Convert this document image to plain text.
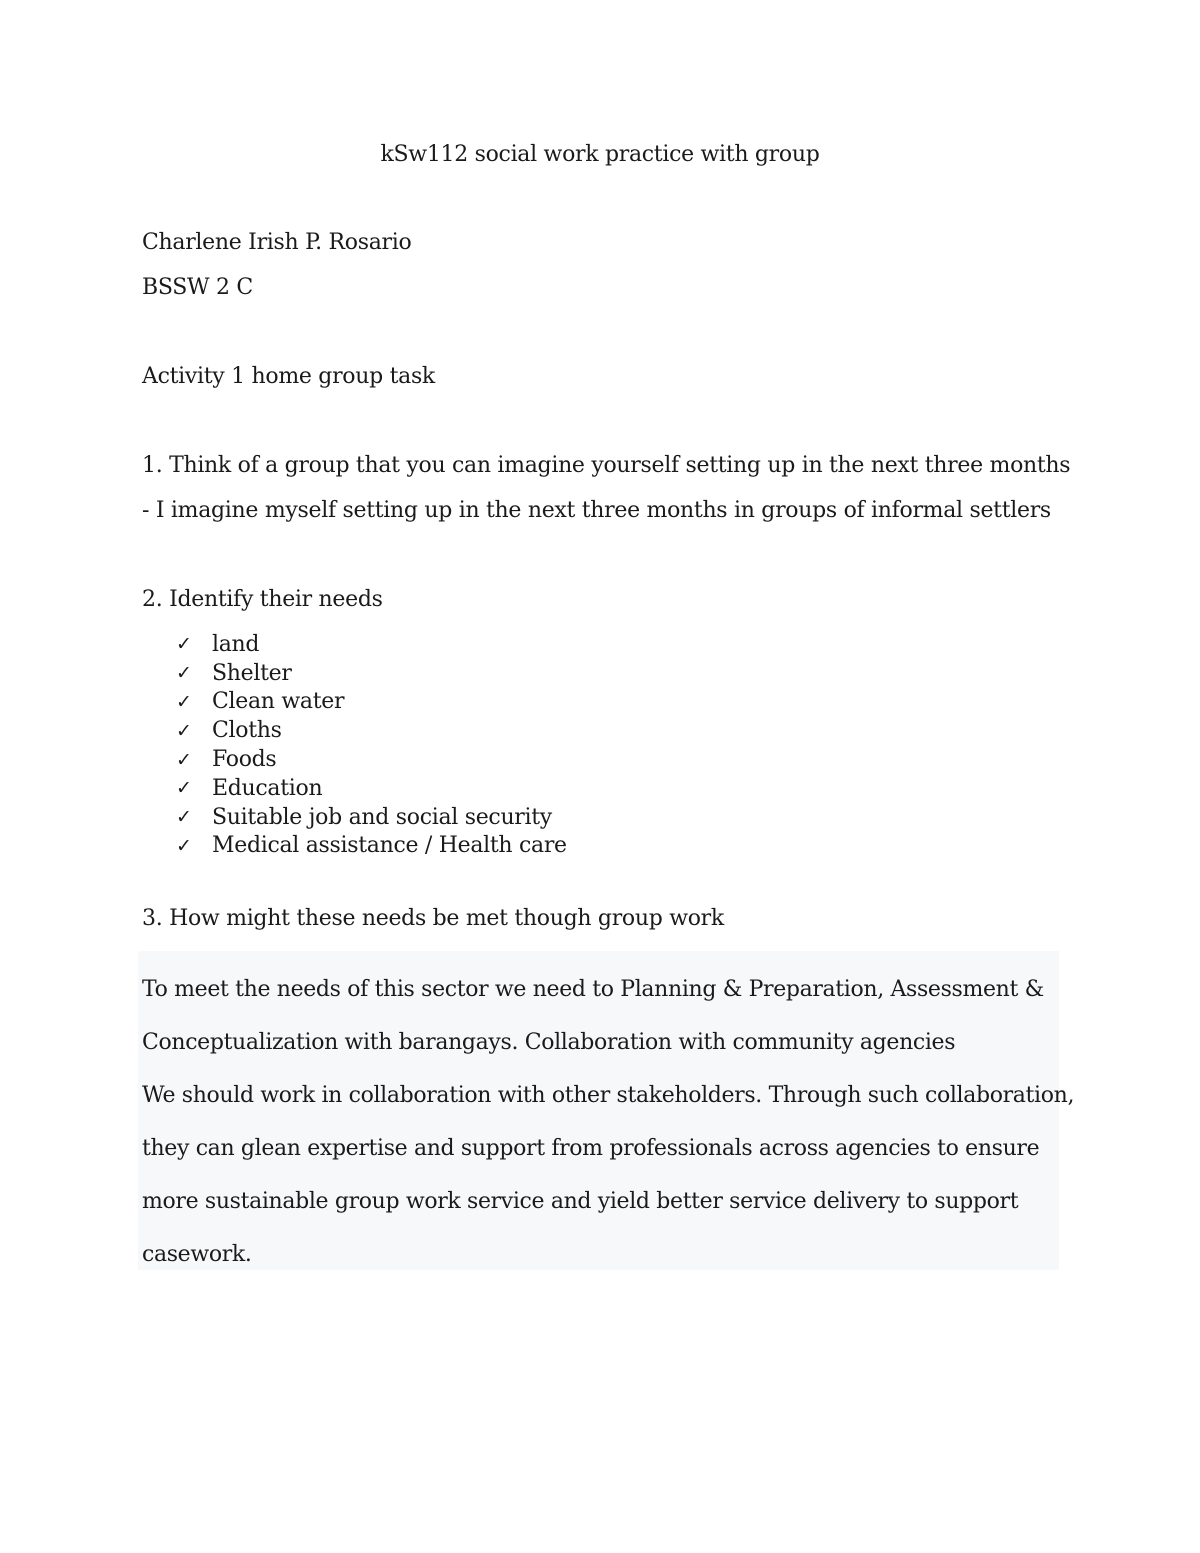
kSw112 social work practice with group
Charlene Irish P. Rosario
BSSW 2 C
Activity 1 home group task
1. Think of a group that you can imagine yourself setting up in the next three months
- I imagine myself setting up in the next three months in groups of informal settlers
2. Identify their needs
✓ land
✓ Shelter
✓ Clean water
✓ Cloths
✓ Foods
✓ Education
✓ Suitable job and social security
✓ Medical assistance / Health care
3. How might these needs be met though group work
To meet the needs of this sector we need to Planning & Preparation, Assessment &
Conceptualization with barangays. Collaboration with community agencies
We should work in collaboration with other stakeholders. Through such collaboration,
they can glean expertise and support from professionals across agencies to ensure
more sustainable group work service and yield better service delivery to support
casework.
